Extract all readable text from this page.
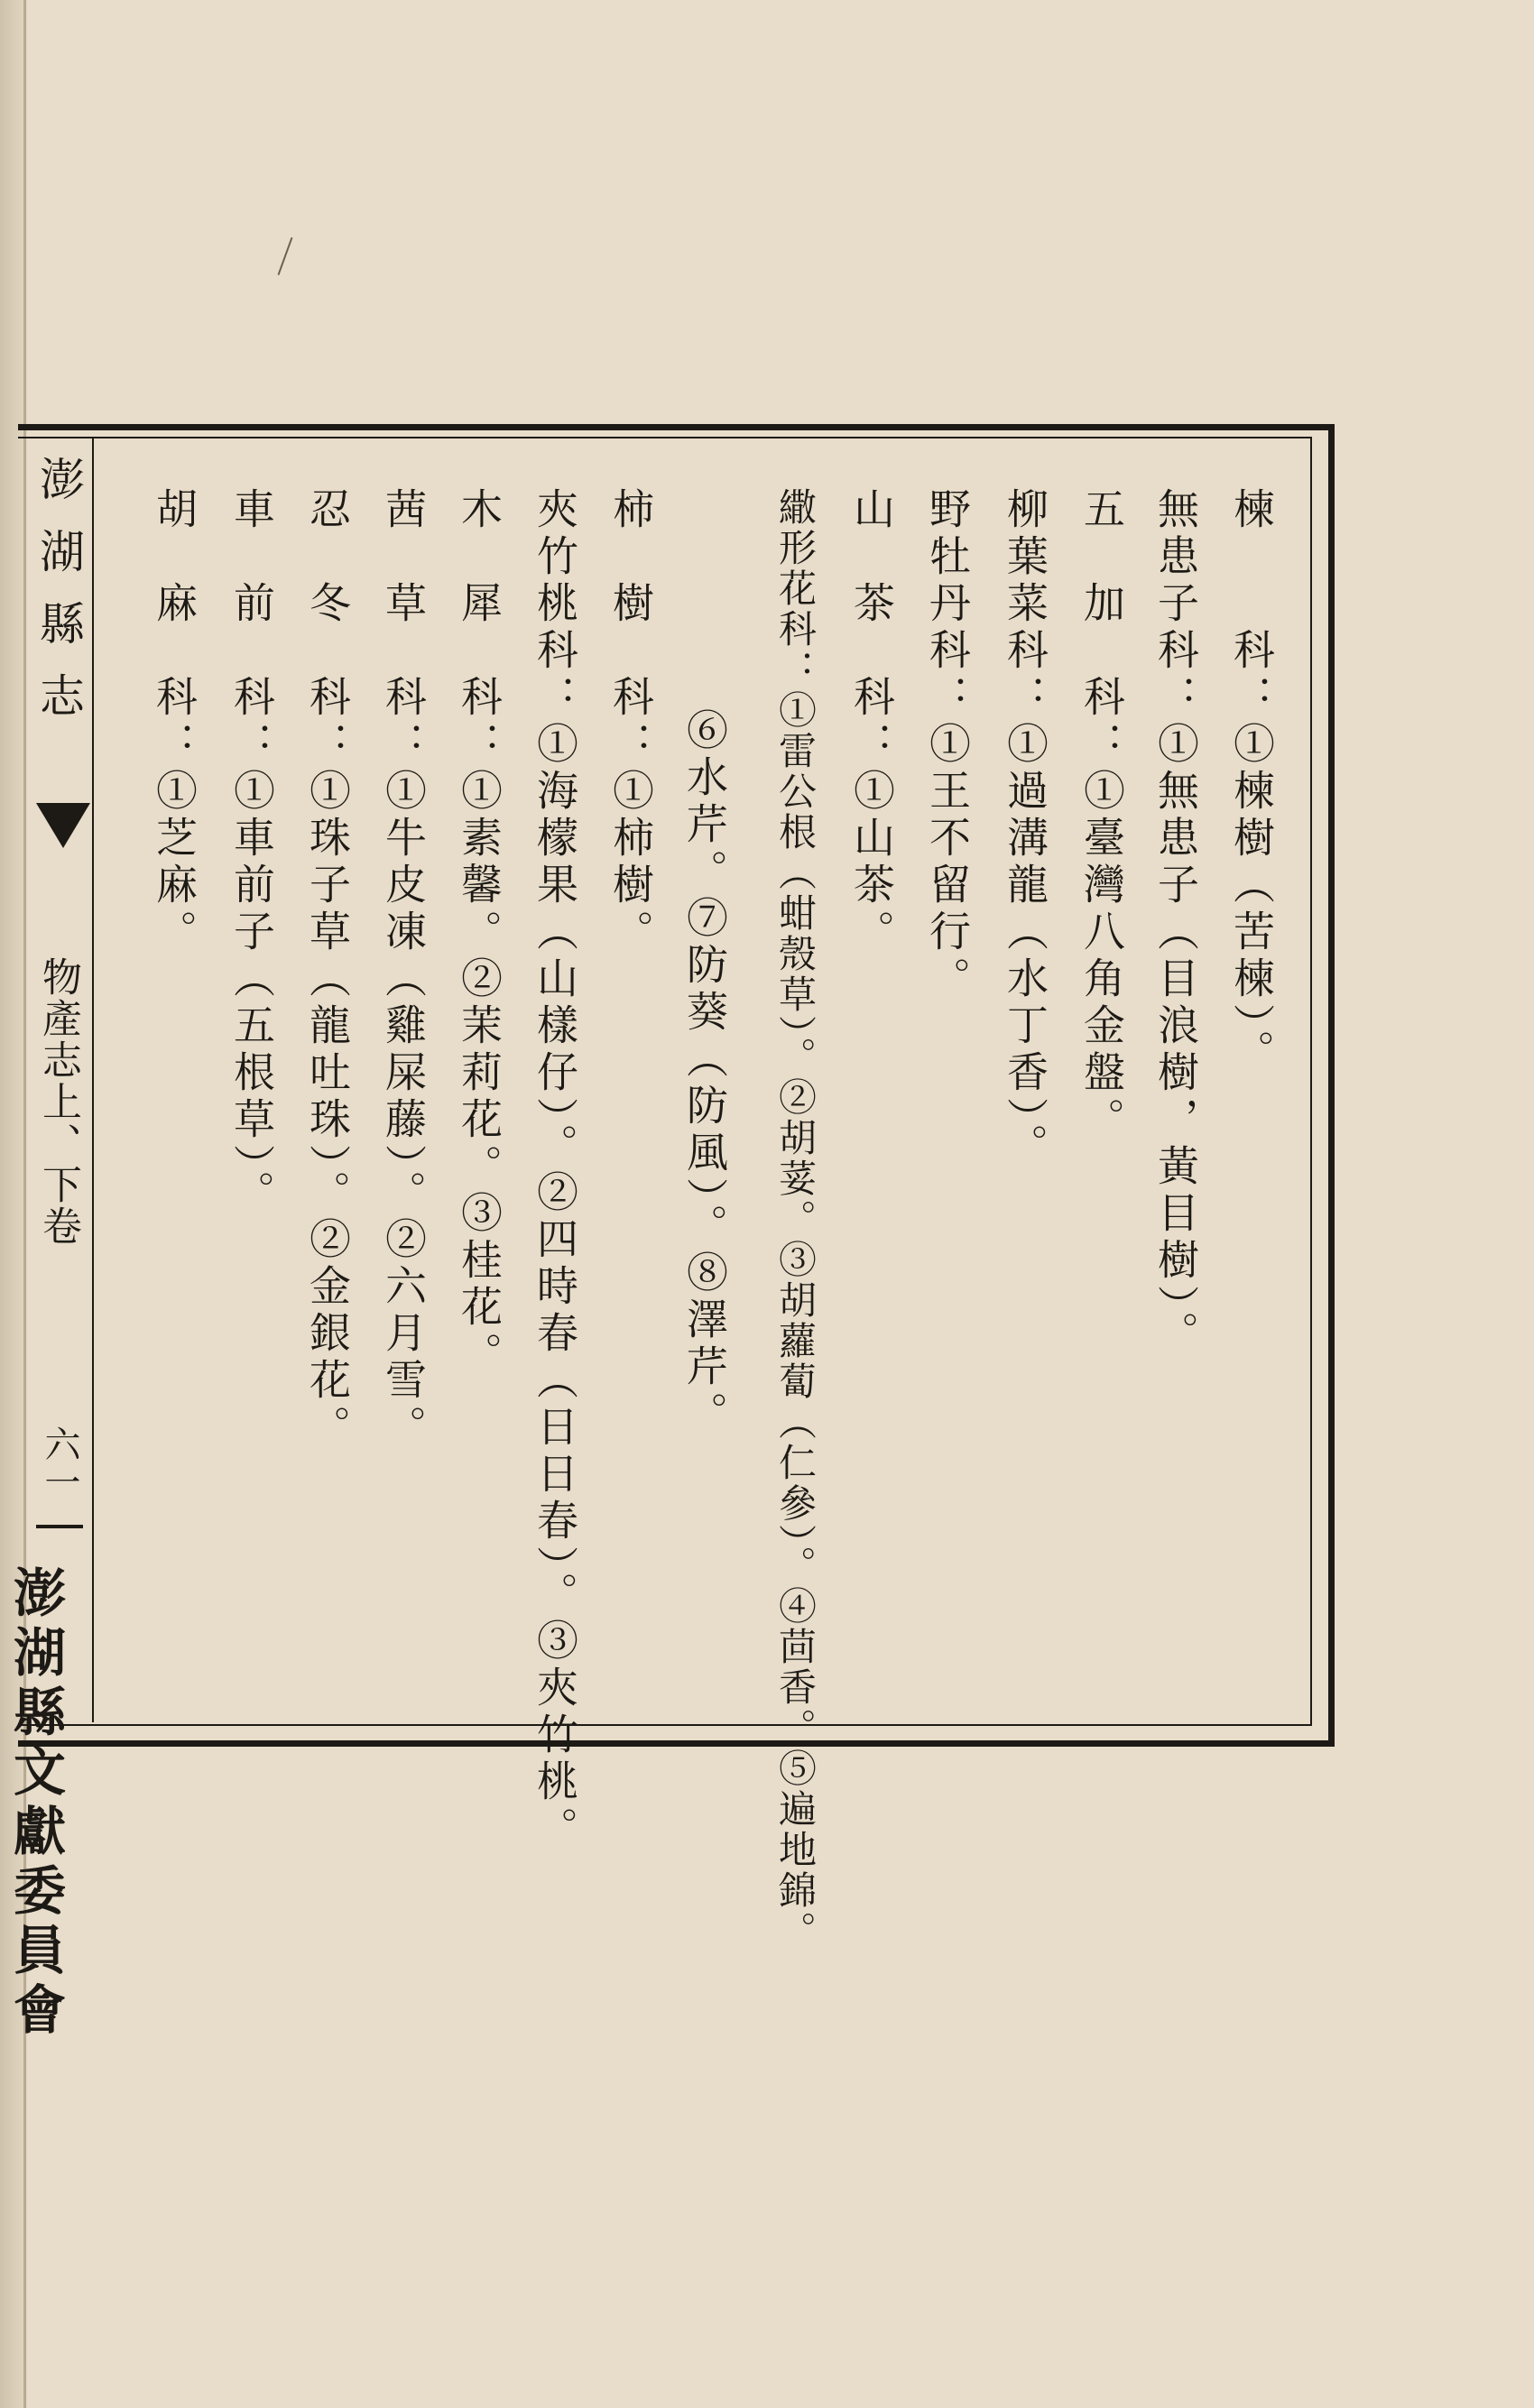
澎湖縣志
物產志上、下卷
六一
澎湖縣文獻委員會
楝　　科：①楝樹（苦楝）。
無患子科：①無患子（目浪樹，黃目樹）。
五　加　科：①臺灣八角金盤。
柳葉菜科：①過溝龍（水丁香）。
野牡丹科：①王不留行。
山　茶　科：①山茶。
繖形花科：①雷公根（蚶殼草）。②胡荽。③胡蘿蔔（仁參）。④茴香。⑤遍地錦。
⑥水芹。⑦防葵（防風）。⑧澤芹。
柿　樹　科：①柿樹。
夾竹桃科：①海檬果（山樣仔）。②四時春（日日春）。③夾竹桃。
木　犀　科：①素馨。②茉莉花。③桂花。
茜　草　科：①牛皮凍（雞屎藤）。②六月雪。
忍　冬　科：①珠子草（龍吐珠）。②金銀花。
車　前　科：①車前子（五根草）。
胡　麻　科：①芝麻。
